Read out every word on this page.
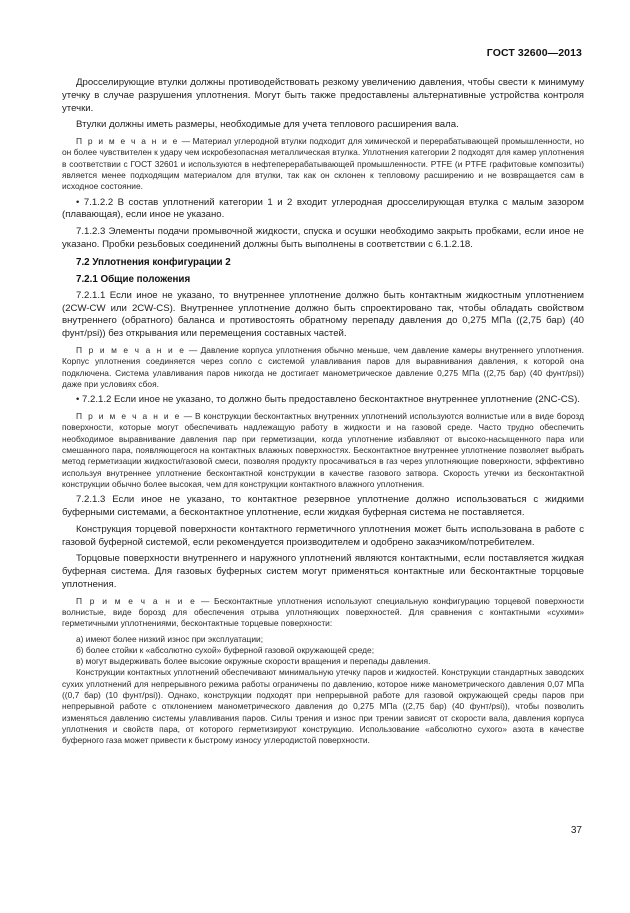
ГОСТ 32600—2013

Дросселирующие втулки должны противодействовать резкому увеличению давления, чтобы свести к минимуму утечку в случае разрушения уплотнения. Могут быть также предоставлены альтернативные устройства контроля утечки.

Втулки должны иметь размеры, необходимые для учета теплового расширения вала.

П р и м е ч а н и е — Материал углеродной втулки подходит для химической и перерабатывающей промышленности, но он более чувствителен к удару чем искробезопасная металлическая втулка. Уплотнения категории 2 подходят для камер уплотнения в соответствии с ГОСТ 32601 и используются в нефтеперерабатывающей промышленности. PTFE (и PTFE графитовые композиты) является менее подходящим материалом для втулки, так как он склонен к тепловому расширению и не возвращается сам в исходное состояние.

• 7.1.2.2 В состав уплотнений категории 1 и 2 входит углеродная дросселирующая втулка с малым зазором (плавающая), если иное не указано.

7.1.2.3 Элементы подачи промывочной жидкости, спуска и осушки необходимо закрыть пробками, если иное не указано. Пробки резьбовых соединений должны быть выполнены в соответствии с 6.1.2.18.

7.2 Уплотнения конфигурации 2
7.2.1 Общие положения

7.2.1.1 Если иное не указано, то внутреннее уплотнение должно быть контактным жидкостным уплотнением (2CW-CW или 2CW-CS). Внутреннее уплотнение должно быть спроектировано так, чтобы обладать свойством внутреннего (обратного) баланса и противостоять обратному перепаду давления до 0,275 МПа ((2,75 бар) (40 фунт/psi)) без открывания или перемещения составных частей.

П р и м е ч а н и е — Давление корпуса уплотнения обычно меньше, чем давление камеры внутреннего уплотнения. Корпус уплотнения соединяется через сопло с системой улавливания паров для выравнивания давления, к которой она подключена. Система улавливания паров никогда не достигает манометрическое давление 0,275 МПа ((2,75 бар) (40 фунт/psi)) даже при условиях сбоя.

• 7.2.1.2 Если иное не указано, то должно быть предоставлено бесконтактное внутреннее уплотнение (2NC-CS).

П р и м е ч а н и е — В конструкции бесконтактных внутренних уплотнений используются волнистые или в виде борозд поверхности, которые могут обеспечивать надлежащую работу в жидкости и на газовой среде. Часто трудно обеспечить необходимое выравнивание давления пар при герметизации, когда уплотнение избавляют от высоко-насыщенного пара или смешанного пара, появляющегося на контактных влажных поверхностях. Бесконтактное внутреннее уплотнение позволяет выбрать метод герметизации жидкости/газовой смеси, позволяя продукту просачиваться в газ через уплотняющие поверхности, эффективно используя внутреннее уплотнение бесконтактной конструкции в качестве газового затвора. Скорость утечки из бесконтактной конструкции обычно более высокая, чем для конструкции контактного влажного уплотнения.

7.2.1.3 Если иное не указано, то контактное резервное уплотнение должно использоваться с жидкими буферными системами, а бесконтактное уплотнение, если жидкая буферная система не поставляется.

Конструкция торцевой поверхности контактного герметичного уплотнения может быть использована в работе с газовой буферной системой, если рекомендуется производителем и одобрено заказчиком/потребителем.

Торцовые поверхности внутреннего и наружного уплотнений являются контактными, если поставляется жидкая буферная система. Для газовых буферных систем могут применяться контактные или бесконтактные торцовые уплотнения.

П р и м е ч а н и е — Бесконтактные уплотнения используют специальную конфигурацию торцевой поверхности волнистые, виде борозд для обеспечения отрыва уплотняющих поверхностей. Для сравнения с контактными «сухими» герметичными уплотнениями, бесконтактные торцевые поверхности:

а) имеют более низкий износ при эксплуатации;
б) более стойки к «абсолютно сухой» буферной газовой окружающей среде;
в) могут выдерживать более высокие окружные скорости вращения и перепады давления.

Конструкции контактных уплотнений обеспечивают минимальную утечку паров и жидкостей. Конструкции стандартных заводских сухих уплотнений для непрерывного режима работы ограничены по давлению, которое ниже манометрического давления 0,07 МПа ((0,7 бар) (10 фунт/psi)). Однако, конструкции подходят при непрерывной работе для газовой окружающей среды паров при непрерывной работе с отклонением манометрического давления до 0,275 МПа ((2,75 бар) (40 фунт/psi)), чтобы позволить изменяться давлению системы улавливания паров. Силы трения и износ при трении зависят от скорости вала, давления корпуса уплотнения и свойств пара, от которого герметизируют конструкцию. Использование «абсолютно сухого» азота в качестве буферного газа может привести к быстрому износу углеродистой поверхности.

37
